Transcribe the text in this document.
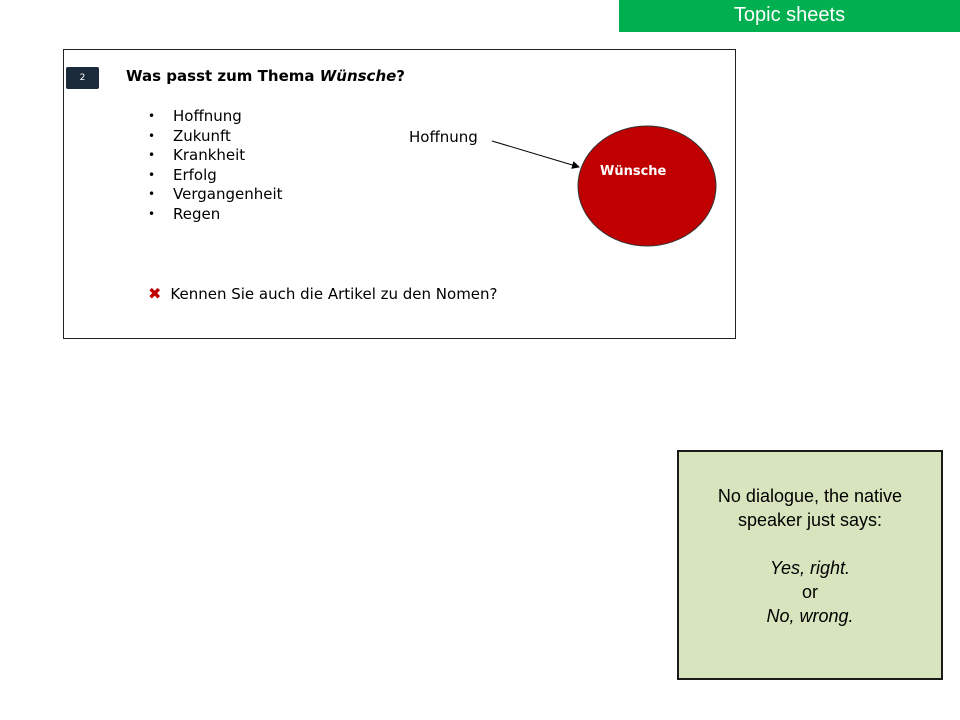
Topic sheets
2	Was passt zum Thema Wünsche?
• Hoffnung
• Zukunft
• Krankheit
• Erfolg
• Vergangenheit
• Regen
Hoffnung
Wünsche
✖ Kennen Sie auch die Artikel zu den Nomen?
No dialogue, the native speaker just says:
Yes, right.
or
No, wrong.
